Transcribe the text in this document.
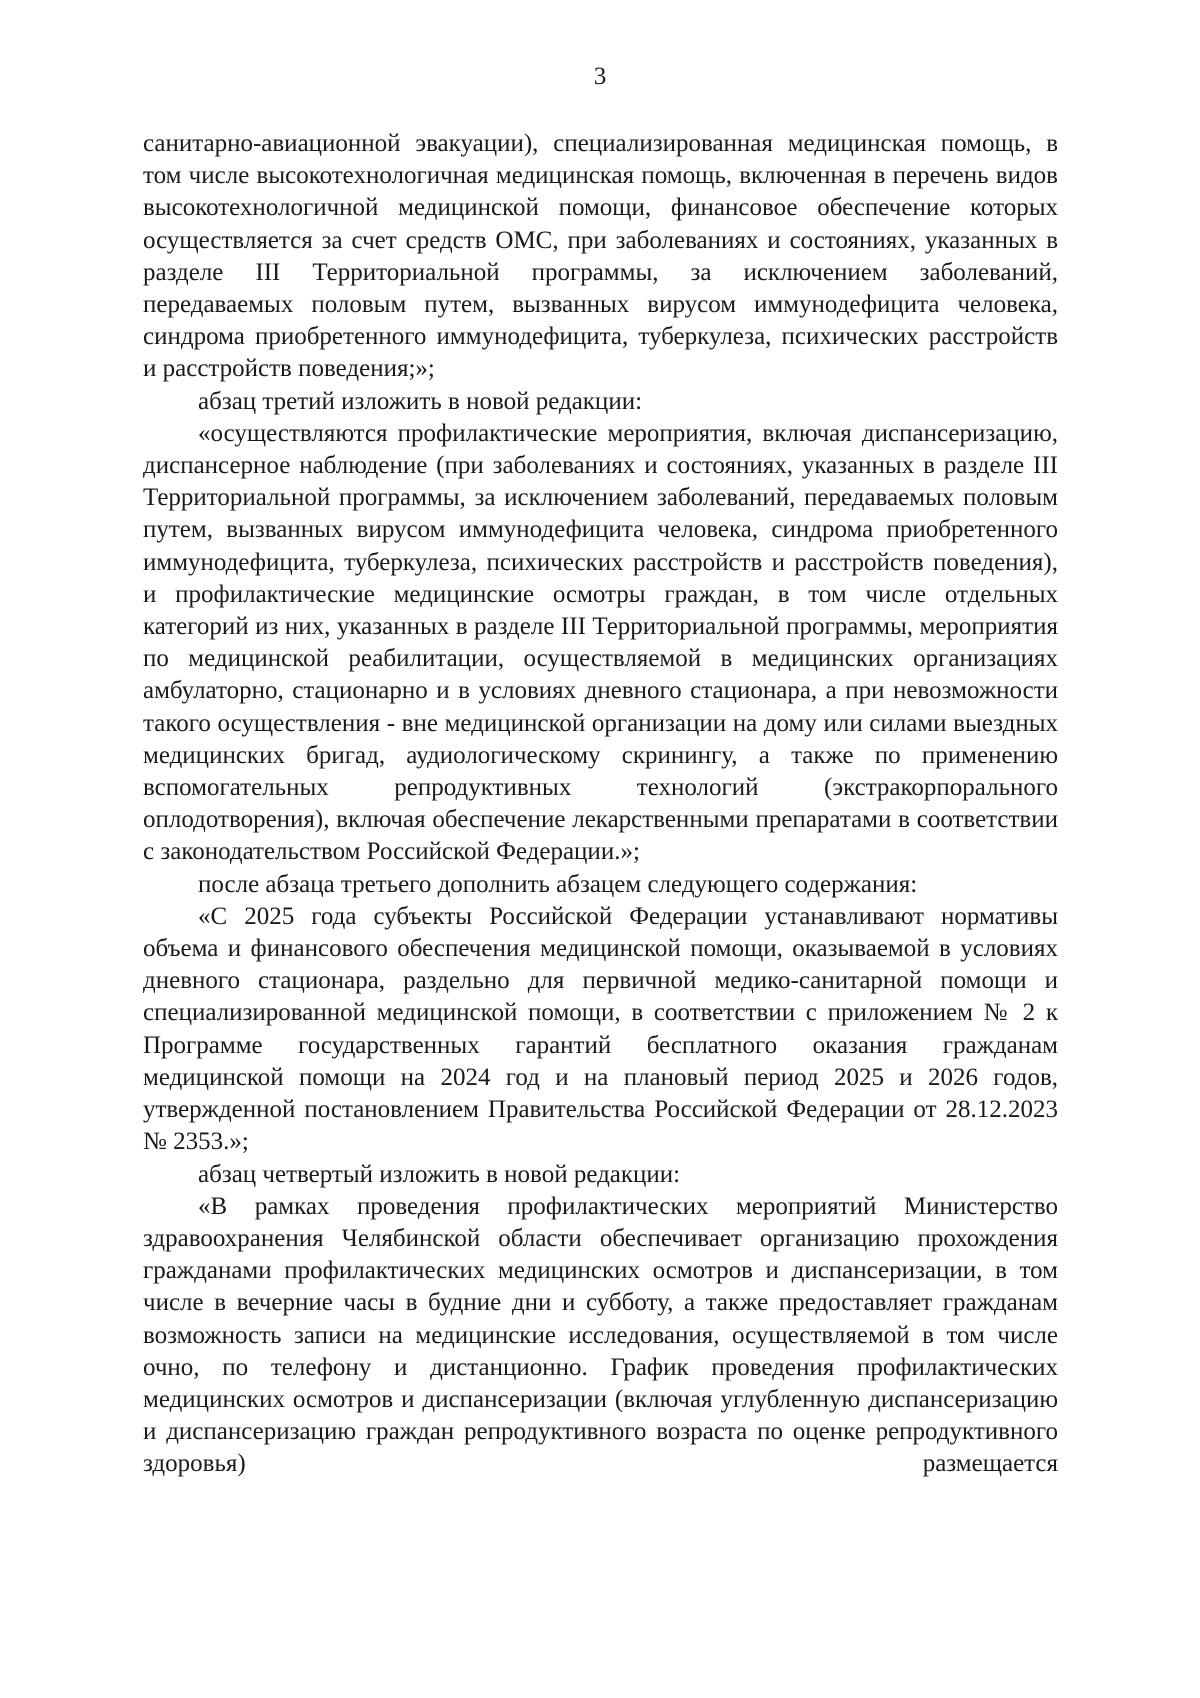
3

санитарно-авиационной эвакуации), специализированная медицинская помощь, в том числе высокотехнологичная медицинская помощь, включенная в перечень видов высокотехнологичной медицинской помощи, финансовое обеспечение которых осуществляется за счет средств ОМС, при заболеваниях и состояниях, указанных в разделе III Территориальной программы, за исключением заболеваний, передаваемых половым путем, вызванных вирусом иммунодефицита человека, синдрома приобретенного иммунодефицита, туберкулеза, психических расстройств и расстройств поведения;»;

абзац третий изложить в новой редакции:

«осуществляются профилактические мероприятия, включая диспансеризацию, диспансерное наблюдение (при заболеваниях и состояниях, указанных в разделе III Территориальной программы, за исключением заболеваний, передаваемых половым путем, вызванных вирусом иммунодефицита человека, синдрома приобретенного иммунодефицита, туберкулеза, психических расстройств и расстройств поведения), и профилактические медицинские осмотры граждан, в том числе отдельных категорий из них, указанных в разделе III Территориальной программы, мероприятия по медицинской реабилитации, осуществляемой в медицинских организациях амбулаторно, стационарно и в условиях дневного стационара, а при невозможности такого осуществления - вне медицинской организации на дому или силами выездных медицинских бригад, аудиологическому скринингу, а также по применению вспомогательных репродуктивных технологий (экстракорпорального оплодотворения), включая обеспечение лекарственными препаратами в соответствии с законодательством Российской Федерации.»;

после абзаца третьего дополнить абзацем следующего содержания:

«С 2025 года субъекты Российской Федерации устанавливают нормативы объема и финансового обеспечения медицинской помощи, оказываемой в условиях дневного стационара, раздельно для первичной медико-санитарной помощи и специализированной медицинской помощи, в соответствии с приложением № 2 к Программе государственных гарантий бесплатного оказания гражданам медицинской помощи на 2024 год и на плановый период 2025 и 2026 годов, утвержденной постановлением Правительства Российской Федерации от 28.12.2023 № 2353.»;

абзац четвертый изложить в новой редакции:

«В рамках проведения профилактических мероприятий Министерство здравоохранения Челябинской области обеспечивает организацию прохождения гражданами профилактических медицинских осмотров и диспансеризации, в том числе в вечерние часы в будние дни и субботу, а также предоставляет гражданам возможность записи на медицинские исследования, осуществляемой в том числе очно, по телефону и дистанционно. График проведения профилактических медицинских осмотров и диспансеризации (включая углубленную диспансеризацию и диспансеризацию граждан репродуктивного возраста по оценке репродуктивного здоровья) размещается
